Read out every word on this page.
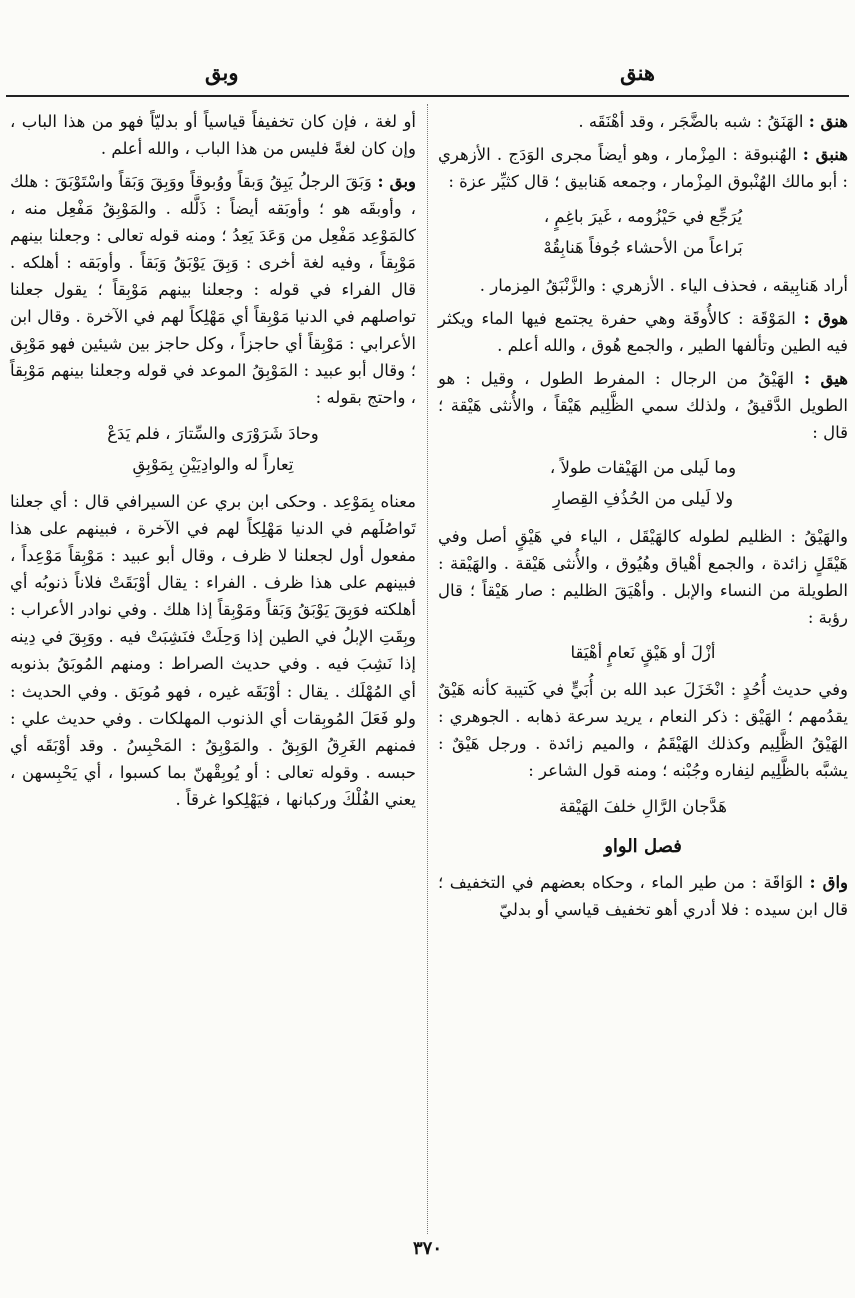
هنق
وبق

هنق : الهَنَقُ : شبه بالضَّجَر ، وقد أهْنَقَه .

هنبق : الهُنبوقة : المِزْمار ، وهو أيضاً مجرى الوَدَج . الأزهري : أبو مالك الهُنْبوق المِزْمار ، وجمعه هَنابيق ؛ قال كثيِّر عزة :

يُرَجِّع في حَيْزُومه ، غَيرَ باغِمٍ ،
بَراعاً من الأحشاء جُوفاً هَنابِقُهْ

أراد هَنابِيقه ، فحذف الياء . الأزهري : والزَّنْبَقُ المِزمار .

هوق : المَوْقَة : كالأُوقَة وهي حفرة يجتمع فيها الماء ويكثر فيه الطين وتألفها الطير ، والجمع هُوق ، والله أعلم .

هيق : الهَيْقُ من الرجال : المفرط الطول ، وقيل : هو الطويل الدَّقيقُ ، ولذلك سمي الظَّلِيم هَيْقاً ، والأُنثى هَيْقة ؛ قال :

وما لَيلى من الهَيْقات طولاً ،
ولا لَيلى من الحُذُفِ القِصارِ

والهَيْقُ : الظليم لطوله كالهَيْقَل ، الياء في هَيْقٍ أصل وفي هَيْقَلٍ زائدة ، والجمع أهْياق وهُيُوق ، والأُنثى هَيْقة . والهَيْقة : الطويلة من النساء والإبل . وأهْيَقَ الظليم : صار هَيْقاً ؛ قال رؤبة :

أزْلَ أو هَيْقٍ نَعامٍ أهْيَقا

وفي حديث أُحُدٍ : انْخَزَلَ عبد الله بن أُبَيٍّ في كَتيبة كأنه هَيْقٌ يقدُمهم ؛ الهَيْق : ذكر النعام ، يريد سرعة ذهابه . الجوهري : الهَيْقُ الظَّلِيم وكذلك الهَيْقَمُ ، والميم زائدة . ورجل هَيْقٌ : يشبَّه بالظَّلِيم لنِفاره وجُبْنه ؛ ومنه قول الشاعر :

هَدَّجان الرَّالِ خلفَ الهَيْقة
فصل الواو

واق : الوَاقَة : من طير الماء ، وحكاه بعضهم في التخفيف ؛ قال ابن سيده : فلا أدري أهو تخفيف قياسي أو بدليّ

أو لغة ، فإن كان تخفيفاً قياسياً أو بدليّاً فهو من هذا الباب ، وإن كان لغةً فليس من هذا الباب ، والله أعلم .

وبق : وَبَقَ الرجلُ يَبِقُ وَبقاً ووُبوقاً ووَبِقَ وَبَقاً واسْتَوْبَقَ : هلك ، وأوبقَه هو ؛ وأوبَقه أيضاً : ذَلَّله . والمَوْبِقُ مَفْعِل منه ، كالمَوْعِد مَفْعِل من وَعَدَ يَعِدُ ؛ ومنه قوله تعالى : وجعلنا بينهم مَوْبِقاً ، وفيه لغة أخرى : وَبِقَ يَوْبَقُ وَبَقاً . وأوبَقه : أهلكه . قال الفراء في قوله : وجعلنا بينهم مَوْبِقاً ؛ يقول جعلنا تواصلهم في الدنيا مَوْبِقاً أي مَهْلِكاً لهم في الآخرة . وقال ابن الأعرابي : مَوْبِقاً أي حاجزاً ، وكل حاجز بين شيئين فهو مَوْبِق ؛ وقال أبو عبيد : المَوْبِقُ الموعد في قوله وجعلنا بينهم مَوْبِقاً ، واحتج بقوله :

وحادَ شَرَوْرَى والسِّتارَ ، فلم يَدَعْ
تِعاراً له والوادِيَيْنِ بِمَوْبِقِ

معناه بِمَوْعِد . وحكى ابن بري عن السيرافي قال : أي جعلنا تَواصُلَهم في الدنيا مَهْلِكاً لهم في الآخرة ، فبينهم على هذا مفعول أول لجعلنا لا ظرف ، وقال أبو عبيد : مَوْبِقاً مَوْعِداً ، فبينهم على هذا ظرف . الفراء : يقال أوْبَقَتْ فلاناً ذنوبُه أي أهلكته فوَبِقَ يَوْبَقُ وَبَقاً ومَوْبِقاً إذا هلك . وفي نوادر الأعراب : وبِقَتِ الإبلُ في الطين إذا وَحِلَتْ فنَشِبَتْ فيه . ووَبِقَ في دِينه إذا نَشِبَ فيه . وفي حديث الصراط : ومنهم المُوبَقُ بذنوبه أي المُهْلَك . يقال : أوْبَقَه غيره ، فهو مُوبَق . وفي الحديث : ولو فَعَلَ المُوبِقات أي الذنوب المهلكات . وفي حديث علي : فمنهم الغَرِقُ الوَبِقُ . والمَوْبِقُ : المَحْبِسُ . وقد أوْبَقَه أي حبسه . وقوله تعالى : أو يُوبِقْهنّ بما كسبوا ، أي يَحْبِسهن ، يعني الفُلْكَ وركبانها ، فيَهْلِكوا غرقاً .

٣٧٠
